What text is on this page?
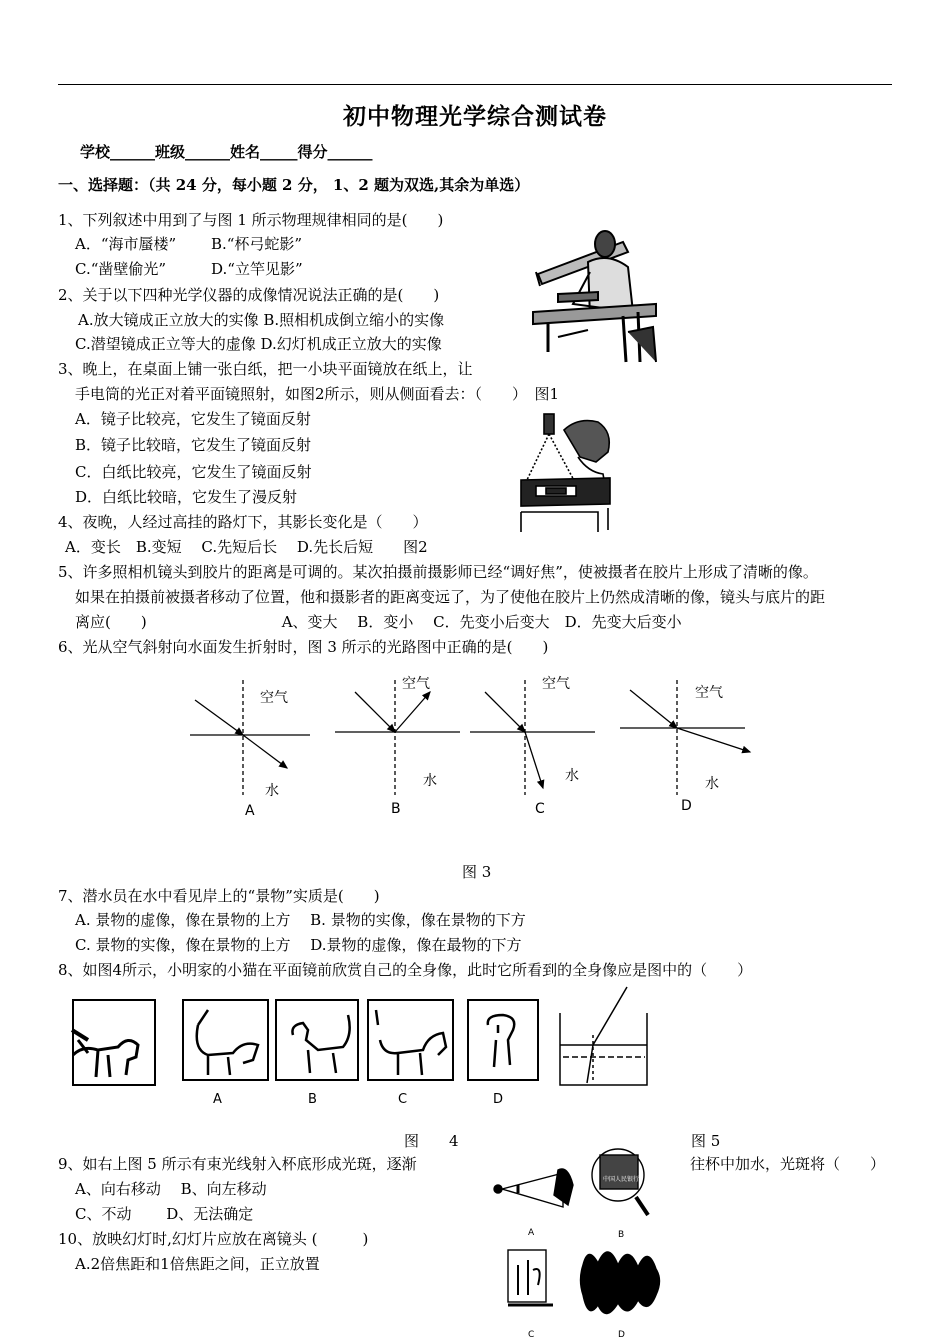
初中物理光学综合测试卷
学校______班级______姓名_____得分______
一、选择题：（共 24 分，每小题 2 分， 1、2 题为双选,其余为单选）
1、下列叙述中用到了与图 1 所示物理规律相同的是(　　)
A．“海市蜃楼”　　 B.“杯弓蛇影”
C.“凿壁偷光”　　　D.“立竿见影”
2、关于以下四种光学仪器的成像情况说法正确的是(　　)
A.放大镜成正立放大的实像 B.照相机成倒立缩小的实像
C.潜望镜成正立等大的虚像 D.幻灯机成正立放大的实像
3、晚上，在桌面上铺一张白纸，把一小块平面镜放在纸上，让
手电筒的光正对着平面镜照射，如图2所示，则从侧面看去：（　　）　图1
A．镜子比较亮，它发生了镜面反射
B．镜子比较暗，它发生了镜面反射
C．白纸比较亮，它发生了镜面反射
D．白纸比较暗，它发生了漫反射
4、夜晚，人经过高挂的路灯下，其影长变化是（　　）
A．变长　B.变短　 C.先短后长　 D.先长后短　　图2
5、许多照相机镜头到胶片的距离是可调的。某次拍摄前摄影师已经“调好焦”，使被摄者在胶片上形成了清晰的像。
如果在拍摄前被摄者移动了位置，他和摄影者的距离变远了，为了使他在胶片上仍然成清晰的像，镜头与底片的距
离应(　　)　　　　　　　　　A、变大　 B．变小　 C．先变小后变大　D．先变大后变小
6、光从空气斜射向水面发生折射时，图 3 所示的光路图中正确的是(　　)
空气
水
A
空气
水
B
空气
水
C
空气
水
D
图 3
7、潜水员在水中看见岸上的“景物”实质是(　　)
A. 景物的虚像，像在景物的上方　 B. 景物的实像，像在景物的下方
C. 景物的实像，像在景物的上方　 D.景物的虚像，像在最物的下方
8、如图4所示，小明家的小猫在平面镜前欣赏自己的全身像，此时它所看到的全身像应是图中的（　　）
A	B	C	D
图　　4	图 5
9、如右上图 5 所示有束光线射入杯底形成光斑，逐渐	往杯中加水，光斑将（　　）
A、向右移动　 B、向左移动
C、不动　　 D、无法确定
A	B
C	D
中国人民银行
10、放映幻灯时,幻灯片应放在离镜头 (　　　)
A.2倍焦距和1倍焦距之间，正立放置
